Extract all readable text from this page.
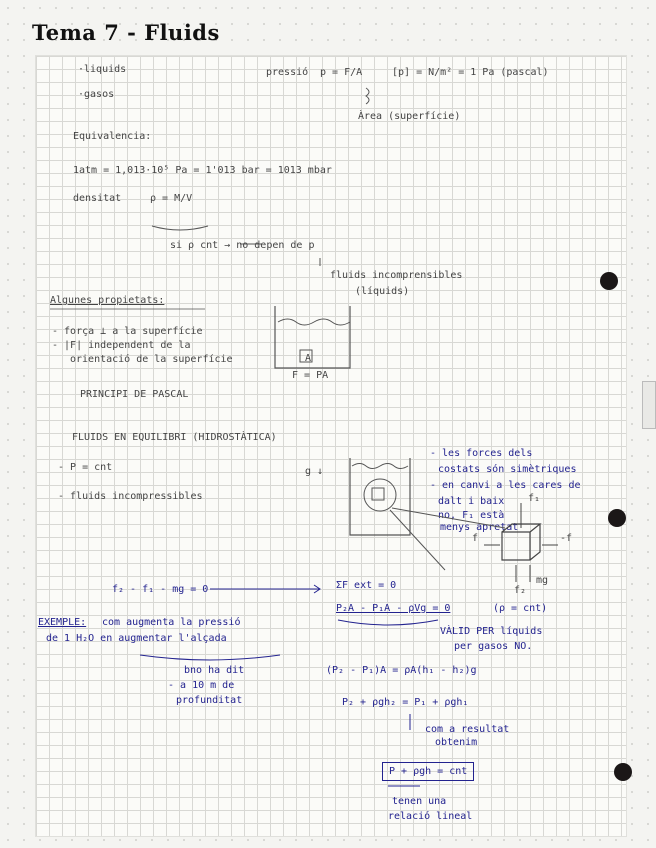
Tema 7 - Fluids
·liquids
·gasos
pressió p = F/A	[p] = N/m² = 1 Pa (pascal)
Àrea (superfície)
Equivalencia:
1atm = 1,013·10⁵ Pa = 1'013 bar = 1013 mbar
densitat	ρ = M/V
si ρ cnt → no depen de p
fluids incomprensibles
(líquids)
Algunes propietats:
- força ⊥ a la superfície
- |F| independent de la
orientació de la superfície
PRINCIPI DE PASCAL
A
F = PA
FLUIDS EN EQUILIBRI (HIDROSTÀTICA)
- P = cnt
- fluids incompressibles
g ↓
- les forces dels
costats són simètriques
- en canvi a les cares de
dalt i baix
no, F₁ està
menys apretat
f₁
f₂
mg
f	-f
f₂ - f₁ - mg = 0	ΣF ext = 0
P₂A - P₁A - ρVg = 0	(ρ = cnt)
VÀLID PER líquids
per gasos NO.
EXEMPLE: com augmenta la pressió
de 1 H₂O en augmentar l'alçada
bno ha dit
- a 10 m de
profunditat
(P₂ - P₁)A = ρA(h₁ - h₂)g
P₂ + ρgh₂ = P₁ + ρgh₁
com a resultat
obtenim
P + ρgh = cnt
tenen una
relació lineal
